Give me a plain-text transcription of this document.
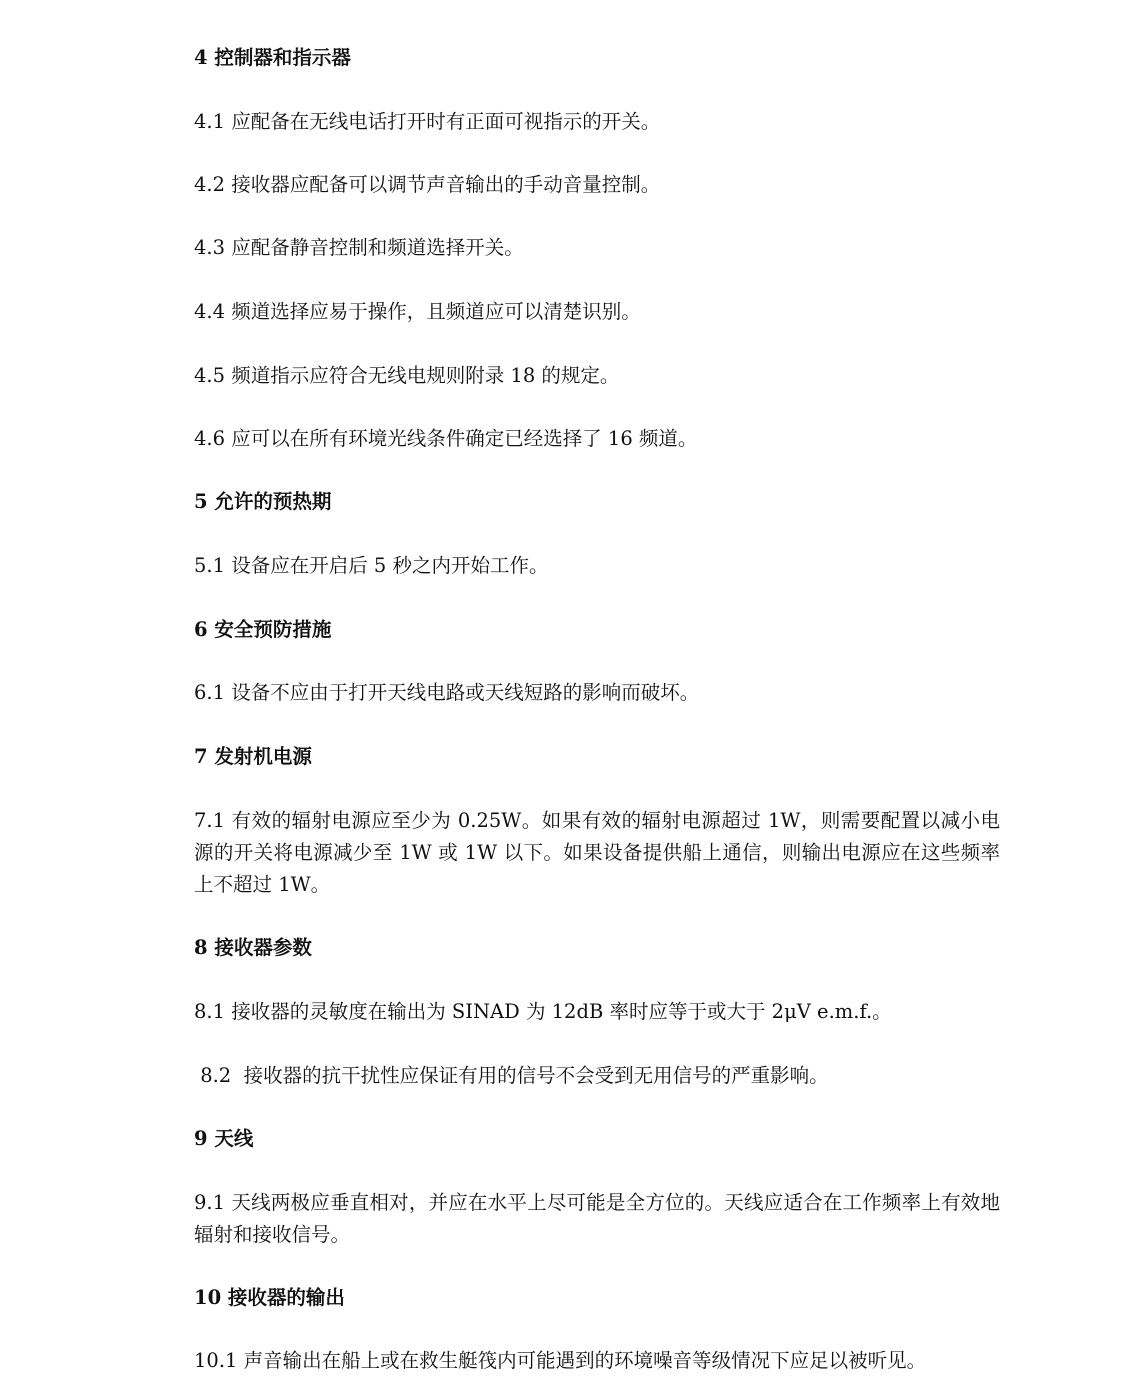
4 控制器和指示器
4.1 应配备在无线电话打开时有正面可视指示的开关。
4.2 接收器应配备可以调节声音输出的手动音量控制。
4.3 应配备静音控制和频道选择开关。
4.4 频道选择应易于操作，且频道应可以清楚识别。
4.5 频道指示应符合无线电规则附录 18 的规定。
4.6 应可以在所有环境光线条件确定已经选择了 16 频道。
5 允许的预热期
5.1 设备应在开启后 5 秒之内开始工作。
6 安全预防措施
6.1 设备不应由于打开天线电路或天线短路的影响而破坏。
7 发射机电源
7.1 有效的辐射电源应至少为 0.25W。如果有效的辐射电源超过 1W，则需要配置以减小电源的开关将电源减少至 1W 或 1W 以下。如果设备提供船上通信，则输出电源应在这些频率上不超过 1W。
8 接收器参数
8.1 接收器的灵敏度在输出为 SINAD 为 12dB 率时应等于或大于 2μV e.m.f.。
8.2  接收器的抗干扰性应保证有用的信号不会受到无用信号的严重影响。
9 天线
9.1 天线两极应垂直相对，并应在水平上尽可能是全方位的。天线应适合在工作频率上有效地辐射和接收信号。
10 接收器的输出
10.1 声音输出在船上或在救生艇筏内可能遇到的环境噪音等级情况下应足以被听见。
